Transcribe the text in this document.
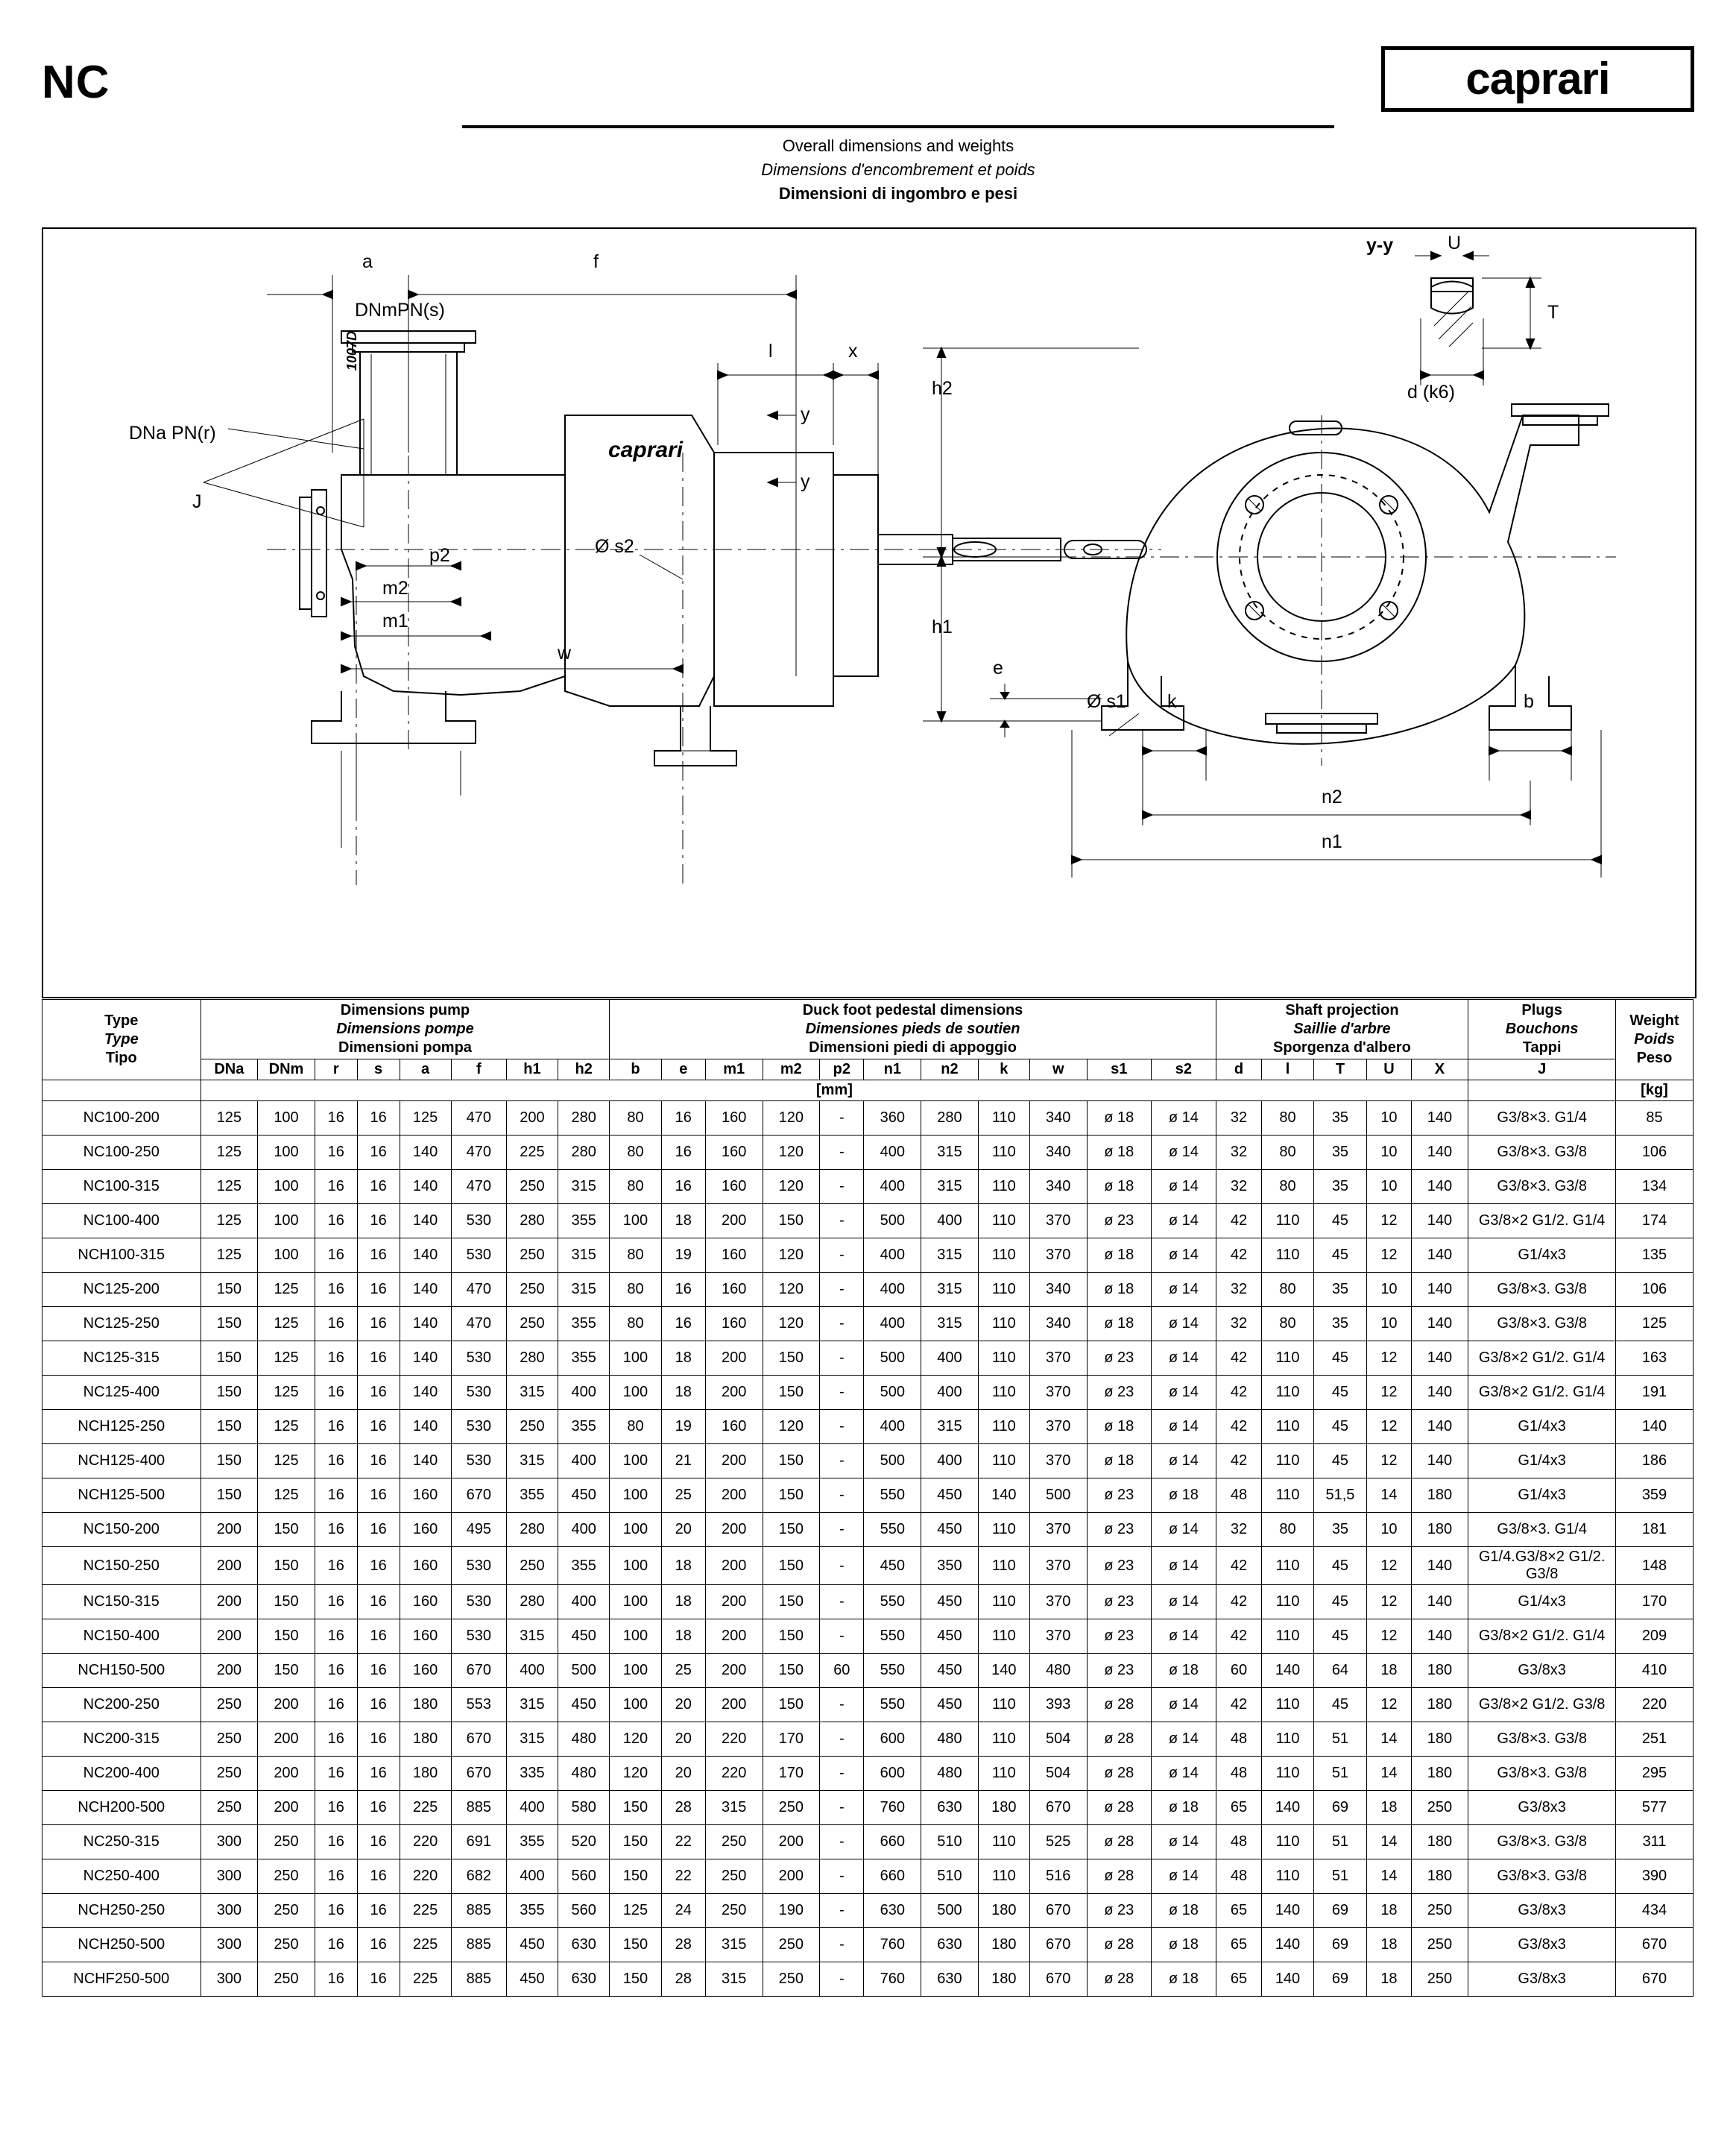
NC
Overall dimensions and weights
Dimensions d'encombrement et poids
Dimensioni di ingombro e pesi
caprari
y-y	U
T
d (k6)
a	f
DNmPN(s)
1007D	l	x
h2
y
y
DNa PN(r)
caprari
J
h1
e
p2	Ø s2
Ø s1 k	b
m2
n2
m1
n1
w
Type
Type
Tipo	Dimensions pump
Dimensions pompe
Dimensioni pompa								Duck foot pedestal dimensions
Dimensiones pieds de soutien
Dimensioni piedi di appoggio											Shaft projection
Saillie d'arbre
Sporgenza d'albero					Plugs
Bouchons
Tappi	Weight
Poids
Peso
	DNa	DNm	r	s	a	f	h1	h2	b	e	m1	m2	p2	n1	n2	k	w	s1	s2	d	l	T	U	X	J	
	[mm]																									[kg]
NC100-200	125	100	16	16	125	470	200	280	80	16	160	120	-	360	280	110	340	ø 18	ø 14	32	80	35	10	140	G3/8×3. G1/4	85
NC100-250	125	100	16	16	140	470	225	280	80	16	160	120	-	400	315	110	340	ø 18	ø 14	32	80	35	10	140	G3/8×3. G3/8	106
NC100-315	125	100	16	16	140	470	250	315	80	16	160	120	-	400	315	110	340	ø 18	ø 14	32	80	35	10	140	G3/8×3. G3/8	134
NC100-400	125	100	16	16	140	530	280	355	100	18	200	150	-	500	400	110	370	ø 23	ø 14	42	110	45	12	140	G3/8×2 G1/2. G1/4	174
NCH100-315	125	100	16	16	140	530	250	315	80	19	160	120	-	400	315	110	370	ø 18	ø 14	42	110	45	12	140	G1/4x3	135
NC125-200	150	125	16	16	140	470	250	315	80	16	160	120	-	400	315	110	340	ø 18	ø 14	32	80	35	10	140	G3/8×3. G3/8	106
NC125-250	150	125	16	16	140	470	250	355	80	16	160	120	-	400	315	110	340	ø 18	ø 14	32	80	35	10	140	G3/8×3. G3/8	125
NC125-315	150	125	16	16	140	530	280	355	100	18	200	150	-	500	400	110	370	ø 23	ø 14	42	110	45	12	140	G3/8×2 G1/2. G1/4	163
NC125-400	150	125	16	16	140	530	315	400	100	18	200	150	-	500	400	110	370	ø 23	ø 14	42	110	45	12	140	G3/8×2 G1/2. G1/4	191
NCH125-250	150	125	16	16	140	530	250	355	80	19	160	120	-	400	315	110	370	ø 18	ø 14	42	110	45	12	140	G1/4x3	140
NCH125-400	150	125	16	16	140	530	315	400	100	21	200	150	-	500	400	110	370	ø 18	ø 14	42	110	45	12	140	G1/4x3	186
NCH125-500	150	125	16	16	160	670	355	450	100	25	200	150	-	550	450	140	500	ø 23	ø 18	48	110	51,5	14	180	G1/4x3	359
NC150-200	200	150	16	16	160	495	280	400	100	20	200	150	-	550	450	110	370	ø 23	ø 14	32	80	35	10	180	G3/8×3. G1/4	181
NC150-250	200	150	16	16	160	530	250	355	100	18	200	150	-	450	350	110	370	ø 23	ø 14	42	110	45	12	140	G1/4.G3/8×2 G1/2. G3/8	148
NC150-315	200	150	16	16	160	530	280	400	100	18	200	150	-	550	450	110	370	ø 23	ø 14	42	110	45	12	140	G1/4x3	170
NC150-400	200	150	16	16	160	530	315	450	100	18	200	150	-	550	450	110	370	ø 23	ø 14	42	110	45	12	140	G3/8×2 G1/2. G1/4	209
NCH150-500	200	150	16	16	160	670	400	500	100	25	200	150	60	550	450	140	480	ø 23	ø 18	60	140	64	18	180	G3/8x3	410
NC200-250	250	200	16	16	180	553	315	450	100	20	200	150	-	550	450	110	393	ø 28	ø 14	42	110	45	12	180	G3/8×2 G1/2. G3/8	220
NC200-315	250	200	16	16	180	670	315	480	120	20	220	170	-	600	480	110	504	ø 28	ø 14	48	110	51	14	180	G3/8×3. G3/8	251
NC200-400	250	200	16	16	180	670	335	480	120	20	220	170	-	600	480	110	504	ø 28	ø 14	48	110	51	14	180	G3/8×3. G3/8	295
NCH200-500	250	200	16	16	225	885	400	580	150	28	315	250	-	760	630	180	670	ø 28	ø 18	65	140	69	18	250	G3/8x3	577
NC250-315	300	250	16	16	220	691	355	520	150	22	250	200	-	660	510	110	525	ø 28	ø 14	48	110	51	14	180	G3/8×3. G3/8	311
NC250-400	300	250	16	16	220	682	400	560	150	22	250	200	-	660	510	110	516	ø 28	ø 14	48	110	51	14	180	G3/8×3. G3/8	390
NCH250-250	300	250	16	16	225	885	355	560	125	24	250	190	-	630	500	180	670	ø 23	ø 18	65	140	69	18	250	G3/8x3	434
NCH250-500	300	250	16	16	225	885	450	630	150	28	315	250	-	760	630	180	670	ø 28	ø 18	65	140	69	18	250	G3/8x3	670
NCHF250-500	300	250	16	16	225	885	450	630	150	28	315	250	-	760	630	180	670	ø 28	ø 18	65	140	69	18	250	G3/8x3	670
